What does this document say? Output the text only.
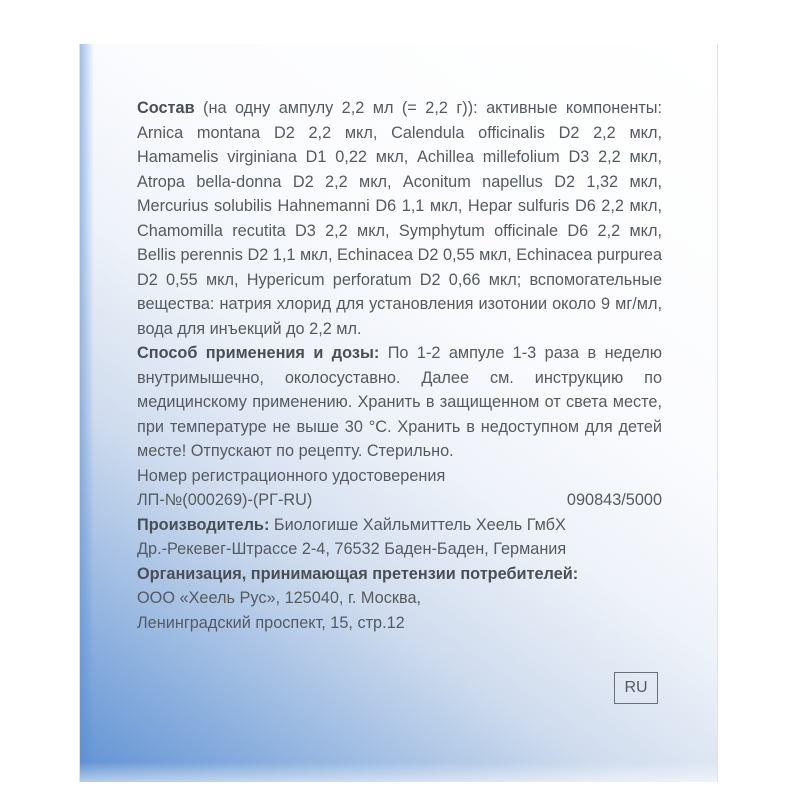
Состав (на одну ампулу 2,2 мл (= 2,2 г)): активные компоненты: Arnica montana D2 2,2 мкл, Calendula officinalis D2 2,2 мкл, Hamamelis virginiana D1 0,22 мкл, Achillea millefolium D3 2,2 мкл, Atropa bella-donna D2 2,2 мкл, Aconitum napellus D2 1,32 мкл, Mercurius solubilis Hahnemanni D6 1,1 мкл, Hepar sulfuris D6 2,2 мкл, Chamomilla recutita D3 2,2 мкл, Symphytum officinale D6 2,2 мкл, Bellis perennis D2 1,1 мкл, Echinacea D2 0,55 мкл, Echinacea purpurea D2 0,55 мкл, Hypericum perforatum D2 0,66 мкл; вспомогательные вещества: натрия хлорид для установления изотонии около 9 мг/мл, вода для инъекций до 2,2 мл.

Способ применения и дозы: По 1-2 ампуле 1-3 раза в неделю внутримышечно, околосуставно. Далее см. инструкцию по медицинскому применению. Хранить в защищенном от света месте, при температуре не выше 30 °С. Хранить в недоступном для детей месте! Отпускают по рецепту. Стерильно.

Номер регистрационного удостоверения
ЛП-№(000269)-(РГ-RU)	090843/5000
Производитель: Биологише Хайльмиттель Хеель ГмбХ
Др.-Рекевег-Штрассе 2-4, 76532 Баден-Баден, Германия
Организация, принимающая претензии потребителей:
ООО «Хеель Рус», 125040, г. Москва,
Ленинградский проспект, 15, стр.12
RU
